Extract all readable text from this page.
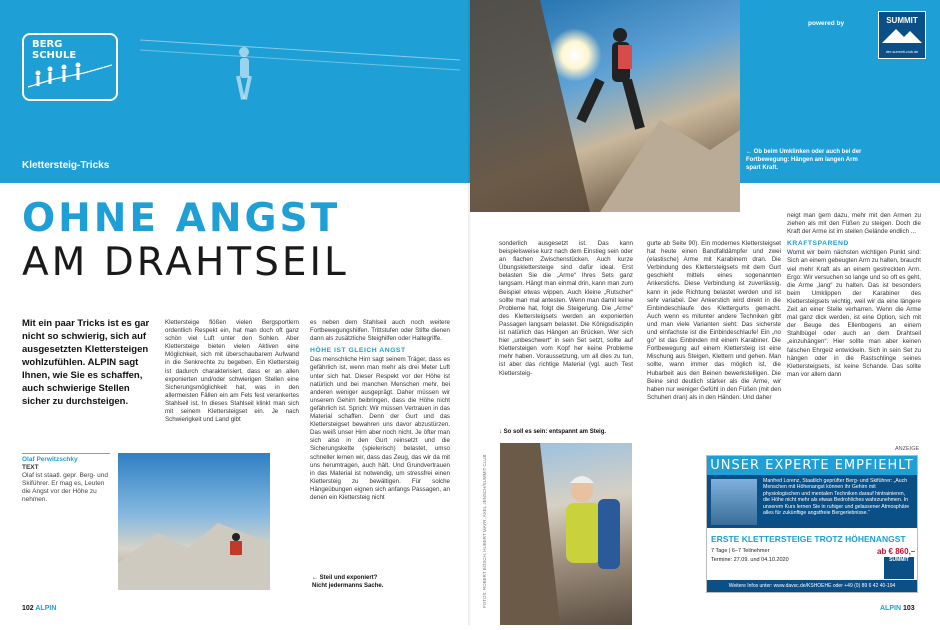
BERG
SCHULE
Klettersteig-Tricks
powered by	SUMMIT
der-summit-club.de
← Ob beim Umklinken oder auch bei der Fortbewegung: Hängen am langen Arm spart Kraft.
OHNE ANGST
AM DRAHTSEIL
Mit ein paar Tricks ist es gar nicht so schwierig, sich auf ausgesetzten Klettersteigen wohlzufühlen. ALPIN sagt Ihnen, wie Sie es schaffen, auch schwierige Stellen sicher zu durchsteigen.
Olaf Perwitzschky
TEXT
Olaf ist staatl. gepr. Berg- und Skiführer. Er mag es, Leuten die Angst vor der Höhe zu nehmen.

Klettersteige flößen vielen Bergsportlern ordentlich Respekt ein, hat man doch oft ganz schön viel Luft unter den Sohlen. Aber Klettersteige bieten vielen Aktiven eine Möglichkeit, sich mit überschaubarem Aufwand in die Senkrechte zu begeben. Ein Klettersteig ist dadurch charakterisiert, dass er an allen exponierten und/oder schwierigen Stellen eine Sicherungsmöglichkeit hat, was in den allermeisten Fällen ein am Fels fest verankertes Stahlseil ist. In dieses Stahlseil klinkt man sich mit seinem Klettersteigset ein. Je nach Schwierigkeit und Land gibt

es neben dem Stahlseil auch noch weitere Fortbewegungshilfen. Trittstufen oder Stifte dienen dann als zusätzliche Steighilfen oder Haltegriffe.

HÖHE IST GLEICH ANGST

Das menschliche Hirn sagt seinem Träger, dass es gefährlich ist, wenn man mehr als drei Meter Luft unter sich hat. Dieser Respekt vor der Höhe ist natürlich und bei manchen Menschen mehr, bei anderen weniger ausgeprägt. Daher müssen wir unserem Gehirn beibringen, dass die Höhe nicht gefährlich ist. Sprich: Wir müssen Vertrauen in das Material schaffen. Denn der Gurt und das Klettersteigset bewahren uns davor abzustürzen. Das weiß unser Hirn aber noch nicht. Je öfter man sich also in den Gurt reinsetzt und die Sicherungskette (spielerisch) belastet, umso schneller lernen wir, dass das Zeug, das wir da mit uns herumtragen, auch hält. Und Grundvertrauen in das Material ist notwendig, um stressfrei einen Klettersteig zu bewältigen. Für solche Hängeübungen eignen sich anfangs Passagen, an denen ein Klettersteig nicht

← Steil und exponiert?
Nicht jedermanns Sache.

sonderlich ausgesetzt ist. Das kann beispielsweise kurz nach dem Einstieg sein oder an flachen Zwischenstücken. Auch kurze Übungsklettersteige sind dafür ideal. Erst belasten Sie die „Arme“ Ihres Sets ganz langsam. Hängt man einmal drin, kann man zum Beispiel etwas wippen. Auch kleine „Rutscher“ sollte man mal antesten. Wenn man damit keine Probleme hat, folgt die Steigerung. Die „Arme“ des Klettersteigsets werden an exponierten Passagen langsam belastet. Die Königsdisziplin ist natürlich das Hängen an Brücken. Wer sich hier „unbeschwert“ in sein Set setzt, sollte auf Klettersteigen vom Kopf her keine Probleme mehr haben. Voraussetzung, um all dies zu tun, ist aber das richtige Material (vgl. auch Test Klettersteig-

gurte ab Seite 90). Ein modernes Klettersteigset hat heute einen Bandfalldämpfer und zwei (elastische) Arme mit Karabinern dran. Die Verbindung des Klettersteigsets mit dem Gurt geschieht mittels eines sogenannten Ankerstichs. Diese Verbindung ist zuverlässig, kann in jede Richtung belastet werden und ist sehr variabel. Der Ankerstich wird direkt in die Einbindeschlaufe des Klettergurts gemacht. Auch wenn es mitunter andere Techniken gibt und man viele Varianten sieht: Das sicherste und einfachste ist die Einbindeschlaufe! Ein „no go“ ist das Einbinden mit einem Karabiner. Die Fortbewegung auf einem Klettersteig ist eine Mischung aus Steigen, Klettern und gehen. Man sollte, wann immer das möglich ist, die Hubarbeit aus den Beinen bewerkstelligen. Die Beine sind deutlich stärker als die Arme, wir haben nur weniger Gefühl in den Füßen (mit den Schuhen dran) als in den Händen. Und daher

neigt man gern dazu, mehr mit den Armen zu ziehen als mit den Füßen zu steigen. Doch die Kraft der Arme ist im steilen Gelände endlich ...

KRAFTSPAREND

Womit wir beim nächsten wichtigen Punkt sind: Sich an einem gebeugten Arm zu halten, braucht viel mehr Kraft als an einem gestreckten Arm. Ergo: Wir versuchen so lange und so oft es geht, die Arme „lang“ zu halten. Das ist besonders beim Umklippen der Karabiner des Klettersteigsets wichtig, weil wir da eine längere Zeit an einer Stelle verharren. Wenn die Arme mal ganz dick werden, ist eine Option, sich mit der Beuge des Ellenbogens an einem Stahlbügel oder auch an dem Drahtseil „einzuhängen“. Hier sollte man aber keinen falschen Ehrgeiz entwickeln. Sich in sein Set zu hängen oder in die Rastschlinge seines Klettersteigsets, ist keine Schande. Das sollte man vor allem dann

↓ So soll es sein: entspannt am Steig.
FOTOS: ROBERT BÖSCH, HUBERT MAYR, AXEL JENSCH/SUMMIT CLUB
ANZEIGE
UNSER EXPERTE EMPFIEHLT
Manfred Lorenz, Staatlich geprüfter Berg- und Skiführer: „Auch Menschen mit Höhenangst können ihr Gehirn mit physiologischen und mentalen Techniken darauf hintrainieren, die Höhe nicht mehr als etwas Bedrohliches wahrzunehmen. In unserem Kurs lernen Sie in ruhiger und gelassener Atmosphäre alles für zukünftige angstfreie Bergerlebnisse.“
ERSTE KLETTERSTEIGE TROTZ HÖHENANGST
7 Tage | 6–7 Teilnehmer
Termine: 27.09. und 04.10.2020
ab € 860,–
SUMMIT
Weitere Infos unter: www.davsc.de/KSHOEHE oder +49 (0) 89 6 42 40-194
102 ALPIN	ALPIN 103
